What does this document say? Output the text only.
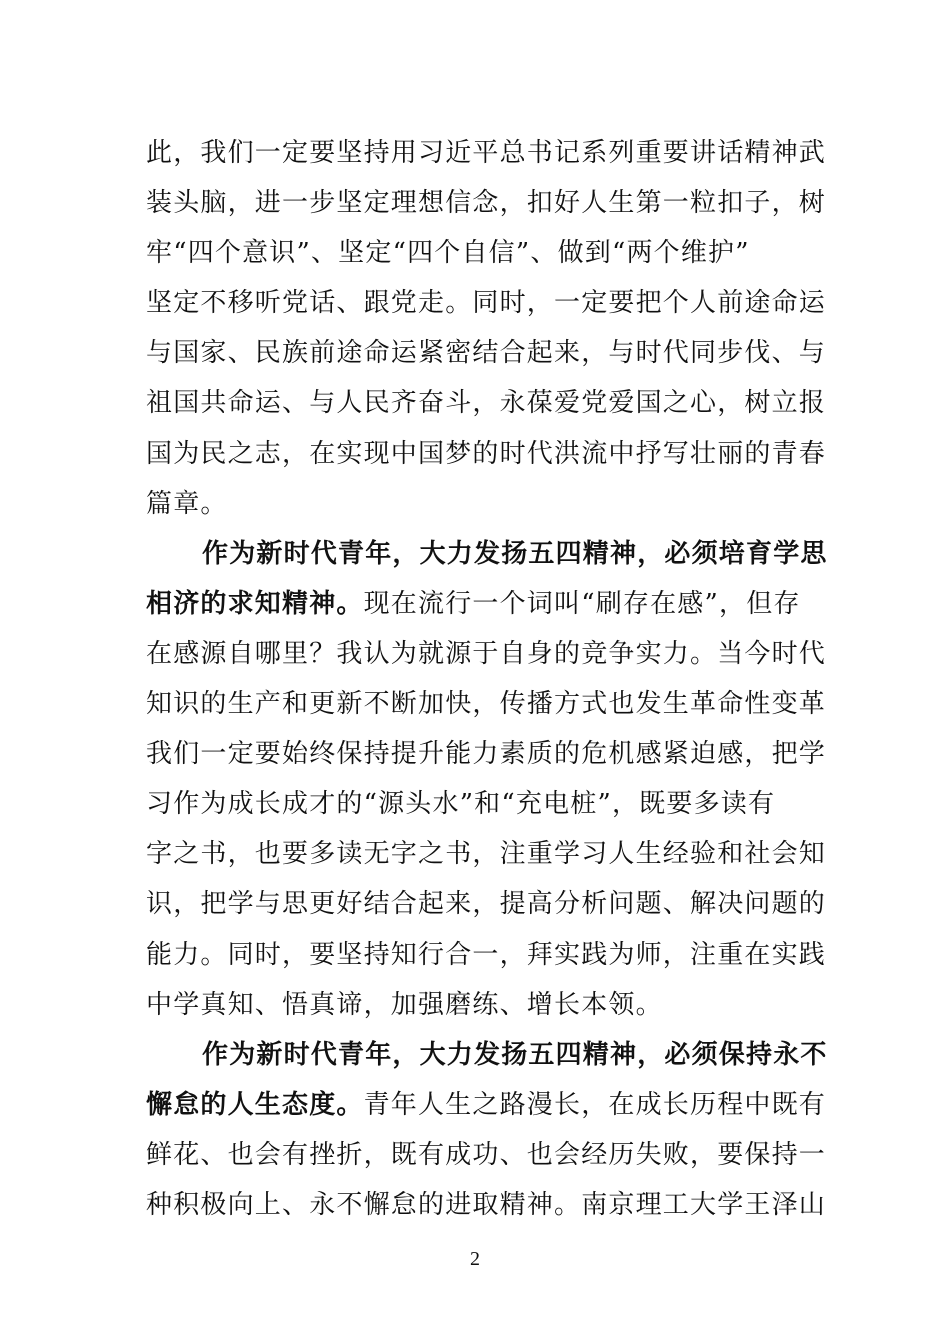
此，我们一定要坚持用习近平总书记系列重要讲话精神武
装头脑，进一步坚定理想信念，扣好人生第一粒扣子，树
牢“四个意识”、坚定“四个自信”、做到“两个维护”
坚定不移听党话、跟党走。同时，一定要把个人前途命运
与国家、民族前途命运紧密结合起来，与时代同步伐、与
祖国共命运、与人民齐奋斗，永葆爱党爱国之心，树立报
国为民之志，在实现中国梦的时代洪流中抒写壮丽的青春
篇章。
作为新时代青年，大力发扬五四精神，必须培育学思
相济的求知精神。现在流行一个词叫“刷存在感”，但存
在感源自哪里？我认为就源于自身的竞争实力。当今时代
知识的生产和更新不断加快，传播方式也发生革命性变革
我们一定要始终保持提升能力素质的危机感紧迫感，把学
习作为成长成才的“源头水”和“充电桩”，既要多读有
字之书，也要多读无字之书，注重学习人生经验和社会知
识，把学与思更好结合起来，提高分析问题、解决问题的
能力。同时，要坚持知行合一，拜实践为师，注重在实践
中学真知、悟真谛，加强磨练、增长本领。
作为新时代青年，大力发扬五四精神，必须保持永不
懈怠的人生态度。青年人生之路漫长，在成长历程中既有
鲜花、也会有挫折，既有成功、也会经历失败，要保持一
种积极向上、永不懈怠的进取精神。南京理工大学王泽山
2
